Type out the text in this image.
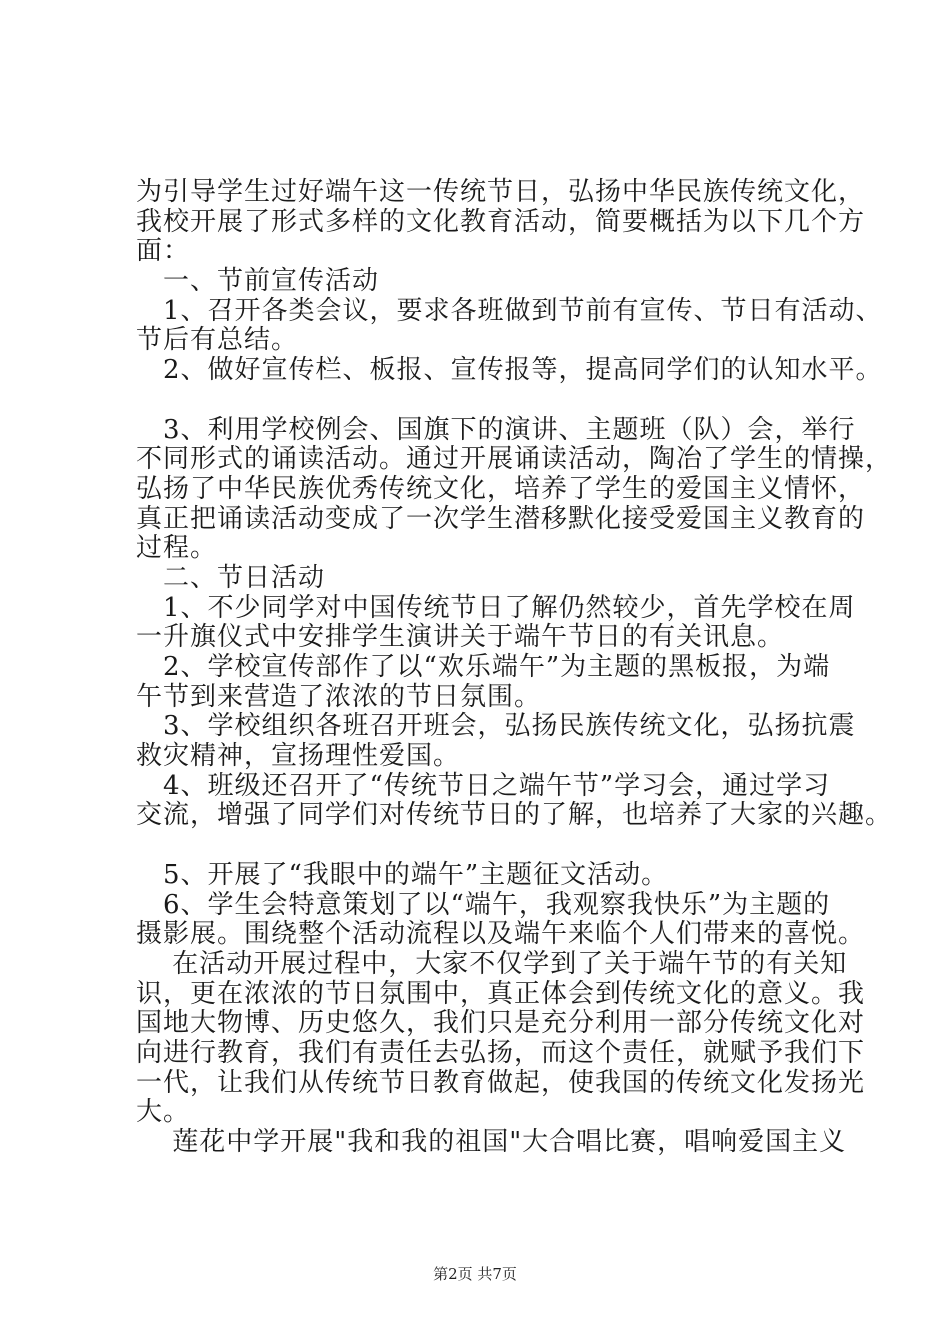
为引导学生过好端午这一传统节日，弘扬中华民族传统文化，
我校开展了形式多样的文化教育活动，简要概括为以下几个方
面：
　一、节前宣传活动
　1、召开各类会议，要求各班做到节前有宣传、节日有活动、
节后有总结。
　2、做好宣传栏、板报、宣传报等，提高同学们的认知水平。
　3、利用学校例会、国旗下的演讲、主题班（队）会，举行
不同形式的诵读活动。通过开展诵读活动，陶冶了学生的情操，
弘扬了中华民族优秀传统文化，培养了学生的爱国主义情怀，
真正把诵读活动变成了一次学生潜移默化接受爱国主义教育的
过程。
　二、节日活动
　1、不少同学对中国传统节日了解仍然较少，首先学校在周
一升旗仪式中安排学生演讲关于端午节日的有关讯息。
　2、学校宣传部作了以“欢乐端午”为主题的黑板报，为端
午节到来营造了浓浓的节日氛围。
　3、学校组织各班召开班会，弘扬民族传统文化，弘扬抗震
救灾精神，宣扬理性爱国。
　4、班级还召开了“传统节日之端午节”学习会，通过学习
交流，增强了同学们对传统节日的了解，也培养了大家的兴趣。
　5、开展了“我眼中的端午”主题征文活动。
　6、学生会特意策划了以“端午，我观察我快乐”为主题的
摄影展。围绕整个活动流程以及端午来临个人们带来的喜悦。
　 在活动开展过程中，大家不仅学到了关于端午节的有关知
识，更在浓浓的节日氛围中，真正体会到传统文化的意义。我
国地大物博、历史悠久，我们只是充分利用一部分传统文化对
向进行教育，我们有责任去弘扬，而这个责任，就赋予我们下
一代，让我们从传统节日教育做起，使我国的传统文化发扬光
大。
　 莲花中学开展"我和我的祖国"大合唱比赛，唱响爱国主义
第2页 共7页
